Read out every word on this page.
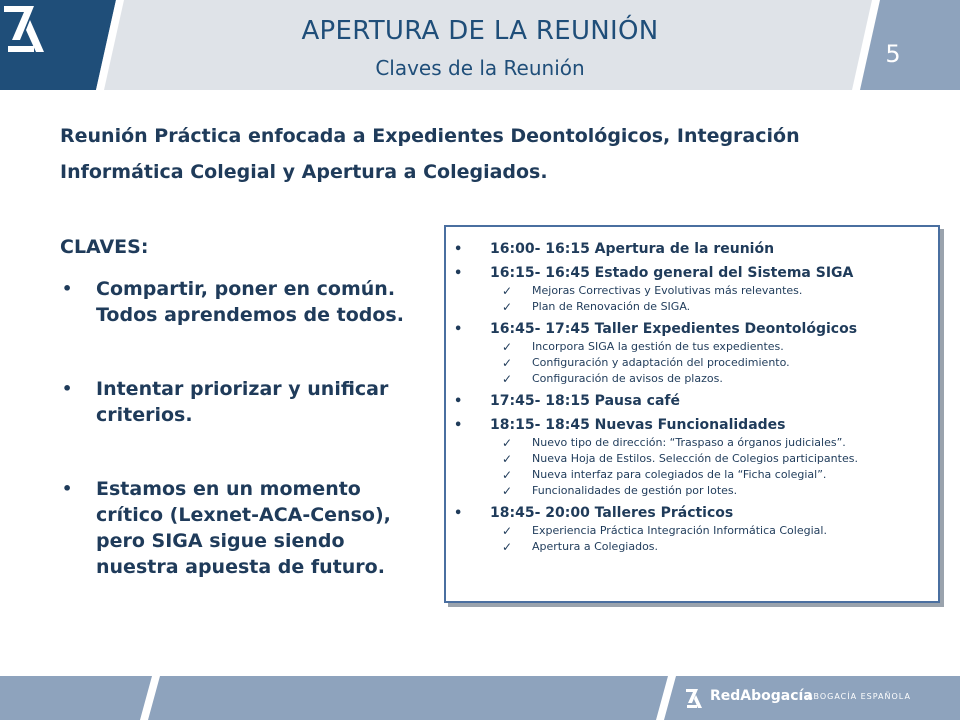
APERTURA DE LA REUNIÓN
Claves de la Reunión	5
Reunión Práctica enfocada a Expedientes Deontológicos, Integración Informática Colegial y Apertura a Colegiados.
CLAVES:
• Compartir, poner en común. Todos aprendemos de todos.
• Intentar priorizar y unificar criterios.
• Estamos en un momento crítico (Lexnet-ACA-Censo), pero SIGA sigue siendo nuestra apuesta de futuro.
• 16:00- 16:15 Apertura de la reunión
• 16:15- 16:45 Estado general del Sistema SIGA
✓ Mejoras Correctivas y Evolutivas más relevantes.
✓ Plan de Renovación de SIGA.
• 16:45- 17:45 Taller Expedientes Deontológicos
✓ Incorpora SIGA la gestión de tus expedientes.
✓ Configuración y adaptación del procedimiento.
✓ Configuración de avisos de plazos.
• 17:45- 18:15 Pausa café
• 18:15- 18:45 Nuevas Funcionalidades
✓ Nuevo tipo de dirección: “Traspaso a órganos judiciales”.
✓ Nueva Hoja de Estilos. Selección de Colegios participantes.
✓ Nueva interfaz para colegiados de la “Ficha colegial”.
✓ Funcionalidades de gestión por lotes.
• 18:45- 20:00 Talleres Prácticos
✓ Experiencia Práctica Integración Informática Colegial.
✓ Apertura a Colegiados.
RedAbogacía
ABOGACÍA ESPAÑOLA
